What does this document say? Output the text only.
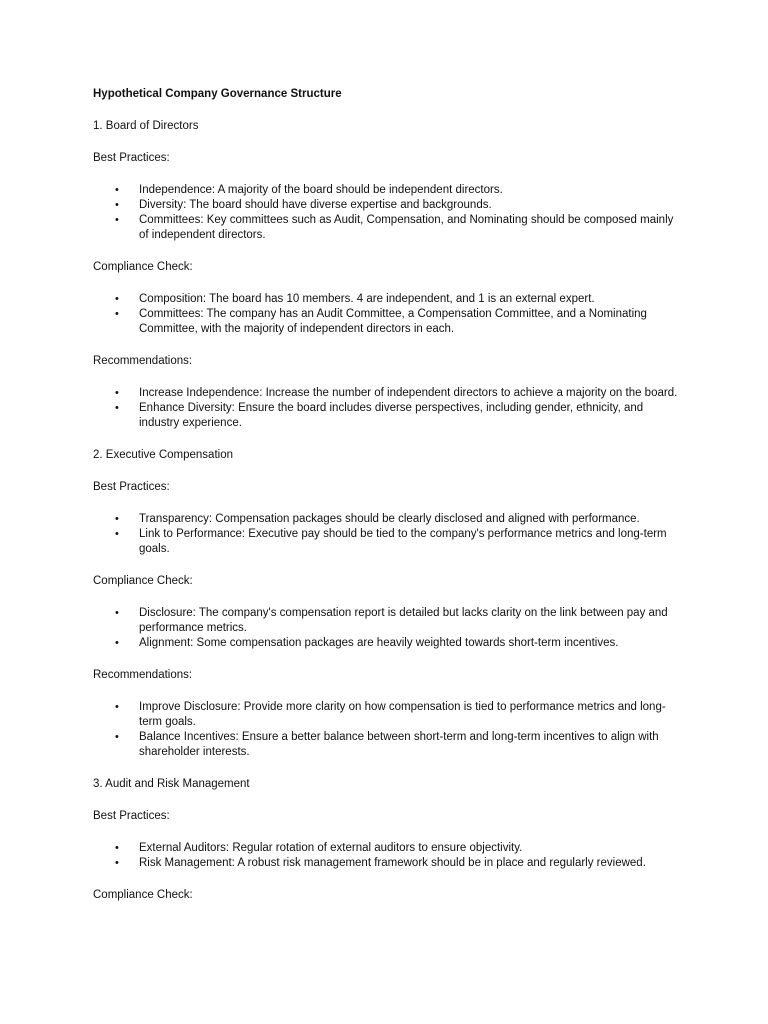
Hypothetical Company Governance Structure
1. Board of Directors
Best Practices:
• Independence: A majority of the board should be independent directors.
• Diversity: The board should have diverse expertise and backgrounds.
• Committees: Key committees such as Audit, Compensation, and Nominating should be composed mainly of independent directors.
Compliance Check:
• Composition: The board has 10 members. 4 are independent, and 1 is an external expert.
• Committees: The company has an Audit Committee, a Compensation Committee, and a Nominating Committee, with the majority of independent directors in each.
Recommendations:
• Increase Independence: Increase the number of independent directors to achieve a majority on the board.
• Enhance Diversity: Ensure the board includes diverse perspectives, including gender, ethnicity, and industry experience.
2. Executive Compensation
Best Practices:
• Transparency: Compensation packages should be clearly disclosed and aligned with performance.
• Link to Performance: Executive pay should be tied to the company's performance metrics and long-term goals.
Compliance Check:
• Disclosure: The company's compensation report is detailed but lacks clarity on the link between pay and performance metrics.
• Alignment: Some compensation packages are heavily weighted towards short-term incentives.
Recommendations:
• Improve Disclosure: Provide more clarity on how compensation is tied to performance metrics and long-term goals.
• Balance Incentives: Ensure a better balance between short-term and long-term incentives to align with shareholder interests.
3. Audit and Risk Management
Best Practices:
• External Auditors: Regular rotation of external auditors to ensure objectivity.
• Risk Management: A robust risk management framework should be in place and regularly reviewed.
Compliance Check:
